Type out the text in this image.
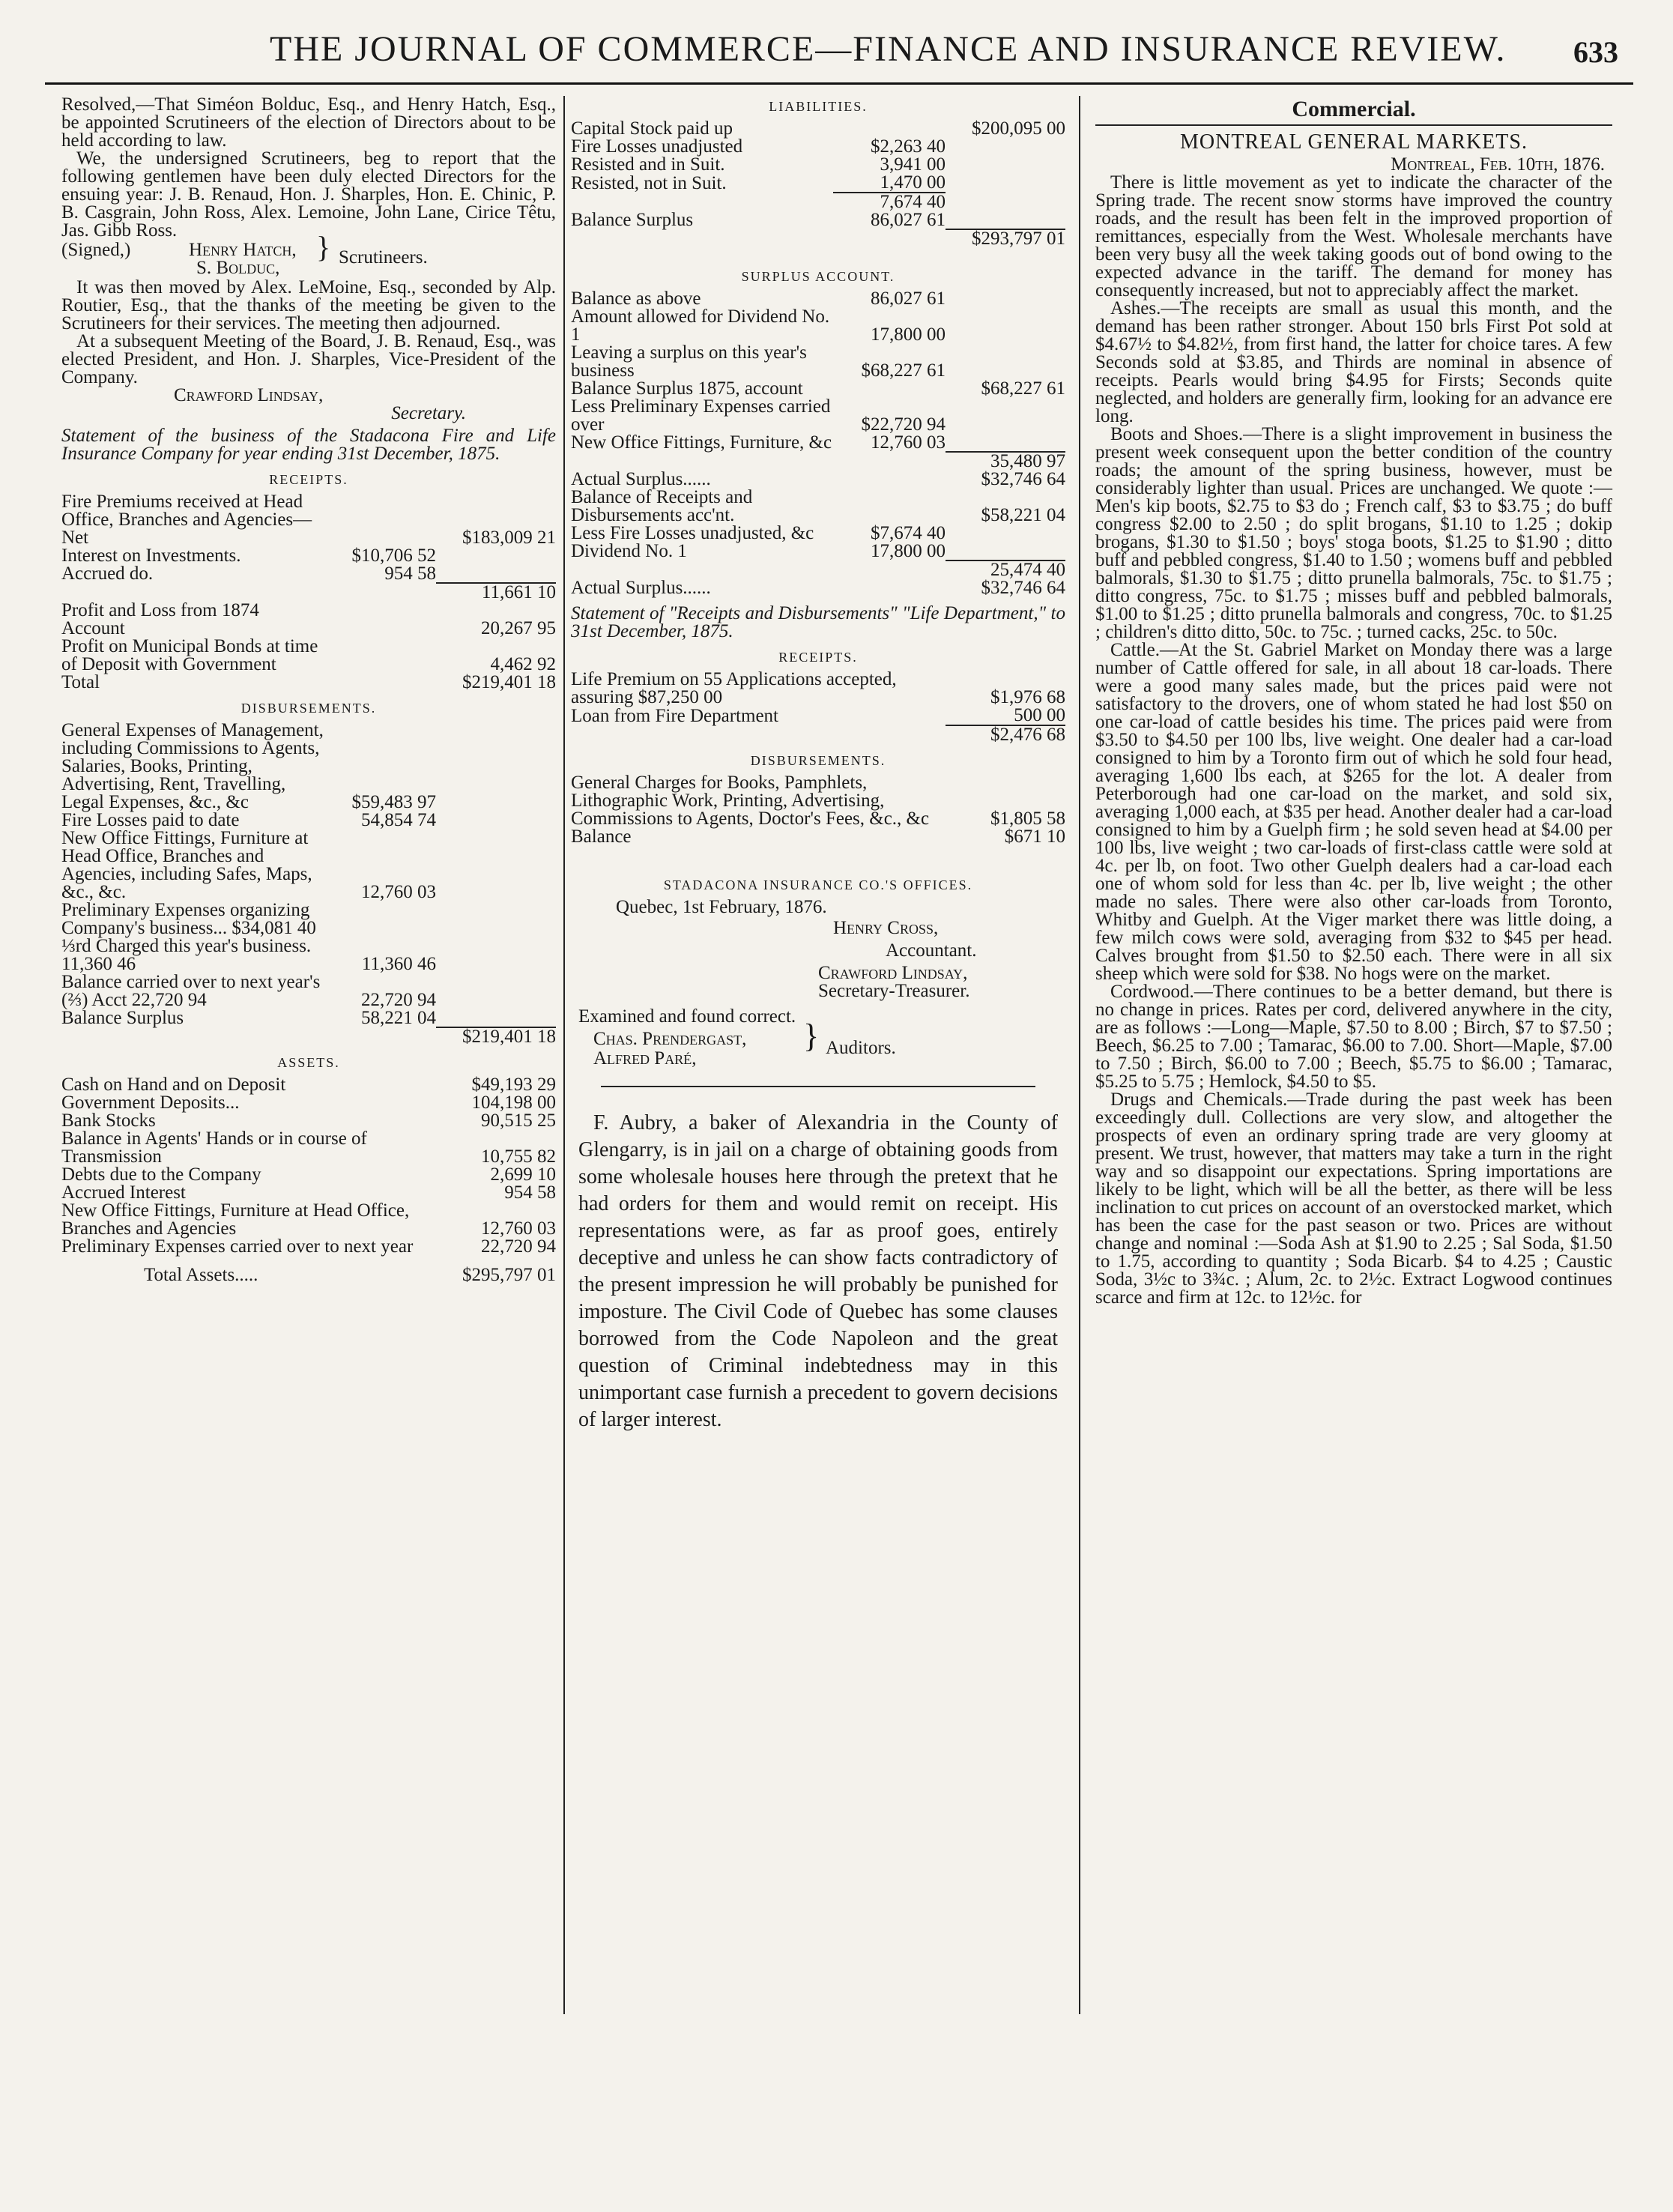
THE JOURNAL OF COMMERCE—FINANCE AND INSURANCE REVIEW. 633

Resolved,—That Siméon Bolduc, Esq., and Henry Hatch, Esq., be appointed Scrutineers of the election of Directors about to be held according to law.

We, the undersigned Scrutineers, beg to report that the following gentlemen have been duly elected Directors for the ensuing year: J. B. Renaud, Hon. J. Sharples, Hon. E. Chinic, P. B. Casgrain, John Ross, Alex. Lemoine, John Lane, Cirice Têtu, Jas. Gibb Ross.

(Signed,)	Henry Hatch,
S. Bolduc,
} Scrutineers.

It was then moved by Alex. LeMoine, Esq., seconded by Alp. Routier, Esq., that the thanks of the meeting be given to the Scrutineers for their services. The meeting then adjourned.

At a subsequent Meeting of the Board, J. B. Renaud, Esq., was elected President, and Hon. J. Sharples, Vice-President of the Company.

Crawford Lindsay,
Secretary.

Statement of the business of the Stadacona Fire and Life Insurance Company for year ending 31st December, 1875.

RECEIPTS.
Fire Premiums received at Head Office, Branches and Agencies—Net		$183,009 21
Interest on Investments.	$10,706 52	
Accrued do.	954 58	
		11,661 10
Profit and Loss from 1874 Account		20,267 95
Profit on Municipal Bonds at time of Deposit with Government		4,462 92
Total		$219,401 18
DISBURSEMENTS.
General Expenses of Management, including Commissions to Agents, Salaries, Books, Printing, Advertising, Rent, Travelling, Legal Expenses, &c., &c	$59,483 97	
Fire Losses paid to date	54,854 74	
New Office Fittings, Furniture at Head Office, Branches and Agencies, including Safes, Maps, &c., &c.	12,760 03	
Preliminary Expenses organizing Company's business... $34,081 40		
⅓rd Charged this year's business. 11,360 46	11,360 46	
Balance carried over to next year's (⅔) Acct 22,720 94	22,720 94	
Balance Surplus	58,221 04	
		$219,401 18
ASSETS.
Cash on Hand and on Deposit	$49,193 29
Government Deposits...	104,198 00
Bank Stocks	90,515 25
Balance in Agents' Hands or in course of Transmission	10,755 82
Debts due to the Company	2,699 10
Accrued Interest	954 58
New Office Fittings, Furniture at Head Office, Branches and Agencies	12,760 03
Preliminary Expenses carried over to next year	22,720 94
Total Assets.....	$295,797 01
LIABILITIES.
Capital Stock paid up		$200,095 00
Fire Losses unadjusted	$2,263 40	
Resisted and in Suit.	3,941 00	
Resisted, not in Suit.	1,470 00	
	7,674 40	
Balance Surplus	86,027 61	
		$293,797 01
SURPLUS ACCOUNT.
Balance as above	86,027 61	
Amount allowed for Dividend No. 1	17,800 00	
Leaving a surplus on this year's business	$68,227 61	
Balance Surplus 1875, account		$68,227 61
Less Preliminary Expenses carried over	$22,720 94	
New Office Fittings, Furniture, &c	12,760 03	
		35,480 97
Actual Surplus......		$32,746 64
Balance of Receipts and Disbursements acc'nt.		$58,221 04
Less Fire Losses unadjusted, &c	$7,674 40	
Dividend No. 1	17,800 00	
		25,474 40
Actual Surplus......		$32,746 64

Statement of "Receipts and Disbursements" "Life Department," to 31st December, 1875.

RECEIPTS.
Life Premium on 55 Applications accepted, assuring $87,250 00	$1,976 68
Loan from Fire Department	500 00
	$2,476 68
DISBURSEMENTS.
General Charges for Books, Pamphlets, Lithographic Work, Printing, Advertising, Commissions to Agents, Doctor's Fees, &c., &c	$1,805 58
Balance	$671 10
STADACONA INSURANCE CO.'S OFFICES.
Quebec, 1st February, 1876.
Henry Cross,
Accountant.
Crawford Lindsay,
Secretary-Treasurer.
Examined and found correct.
Chas. Prendergast,
Alfred Paré,
} Auditors.

F. Aubry, a baker of Alexandria in the County of Glengarry, is in jail on a charge of obtaining goods from some wholesale houses here through the pretext that he had orders for them and would remit on receipt. His representations were, as far as proof goes, entirely deceptive and unless he can show facts contradictory of the present impression he will probably be punished for imposture. The Civil Code of Quebec has some clauses borrowed from the Code Napoleon and the great question of Criminal indebtedness may in this unimportant case furnish a precedent to govern decisions of larger interest.

Commercial.
MONTREAL GENERAL MARKETS.
Montreal, Feb. 10th, 1876.

There is little movement as yet to indicate the character of the Spring trade. The recent snow storms have improved the country roads, and the result has been felt in the improved proportion of remittances, especially from the West. Wholesale merchants have been very busy all the week taking goods out of bond owing to the expected advance in the tariff. The demand for money has consequently increased, but not to appreciably affect the market.

Ashes.—The receipts are small as usual this month, and the demand has been rather stronger. About 150 brls First Pot sold at $4.67½ to $4.82½, from first hand, the latter for choice tares. A few Seconds sold at $3.85, and Thirds are nominal in absence of receipts. Pearls would bring $4.95 for Firsts; Seconds quite neglected, and holders are generally firm, looking for an advance ere long.

Boots and Shoes.—There is a slight improvement in business the present week consequent upon the better condition of the country roads; the amount of the spring business, however, must be considerably lighter than usual. Prices are unchanged. We quote :—Men's kip boots, $2.75 to $3 do ; French calf, $3 to $3.75 ; do buff congress $2.00 to 2.50 ; do split brogans, $1.10 to 1.25 ; dokip brogans, $1.30 to $1.50 ; boys' stoga boots, $1.25 to $1.90 ; ditto buff and pebbled congress, $1.40 to 1.50 ; womens buff and pebbled balmorals, $1.30 to $1.75 ; ditto prunella balmorals, 75c. to $1.75 ; ditto congress, 75c. to $1.75 ; misses buff and pebbled balmorals, $1.00 to $1.25 ; ditto prunella balmorals and congress, 70c. to $1.25 ; children's ditto ditto, 50c. to 75c. ; turned cacks, 25c. to 50c.

Cattle.—At the St. Gabriel Market on Monday there was a large number of Cattle offered for sale, in all about 18 car-loads. There were a good many sales made, but the prices paid were not satisfactory to the drovers, one of whom stated he had lost $50 on one car-load of cattle besides his time. The prices paid were from $3.50 to $4.50 per 100 lbs, live weight. One dealer had a car-load consigned to him by a Toronto firm out of which he sold four head, averaging 1,600 lbs each, at $265 for the lot. A dealer from Peterborough had one car-load on the market, and sold six, averaging 1,000 each, at $35 per head. Another dealer had a car-load consigned to him by a Guelph firm ; he sold seven head at $4.00 per 100 lbs, live weight ; two car-loads of first-class cattle were sold at 4c. per lb, on foot. Two other Guelph dealers had a car-load each one of whom sold for less than 4c. per lb, live weight ; the other made no sales. There were also other car-loads from Toronto, Whitby and Guelph. At the Viger market there was little doing, a few milch cows were sold, averaging from $32 to $45 per head. Calves brought from $1.50 to $2.50 each. There were in all six sheep which were sold for $38. No hogs were on the market.

Cordwood.—There continues to be a better demand, but there is no change in prices. Rates per cord, delivered anywhere in the city, are as follows :—Long—Maple, $7.50 to 8.00 ; Birch, $7 to $7.50 ; Beech, $6.25 to 7.00 ; Tamarac, $6.00 to 7.00. Short—Maple, $7.00 to 7.50 ; Birch, $6.00 to 7.00 ; Beech, $5.75 to $6.00 ; Tamarac, $5.25 to 5.75 ; Hemlock, $4.50 to $5.

Drugs and Chemicals.—Trade during the past week has been exceedingly dull. Collections are very slow, and altogether the prospects of even an ordinary spring trade are very gloomy at present. We trust, however, that matters may take a turn in the right way and so disappoint our expectations. Spring importations are likely to be light, which will be all the better, as there will be less inclination to cut prices on account of an overstocked market, which has been the case for the past season or two. Prices are without change and nominal :—Soda Ash at $1.90 to 2.25 ; Sal Soda, $1.50 to 1.75, according to quantity ; Soda Bicarb. $4 to 4.25 ; Caustic Soda, 3½c to 3¾c. ; Alum, 2c. to 2½c. Extract Logwood continues scarce and firm at 12c. to 12½c. for
